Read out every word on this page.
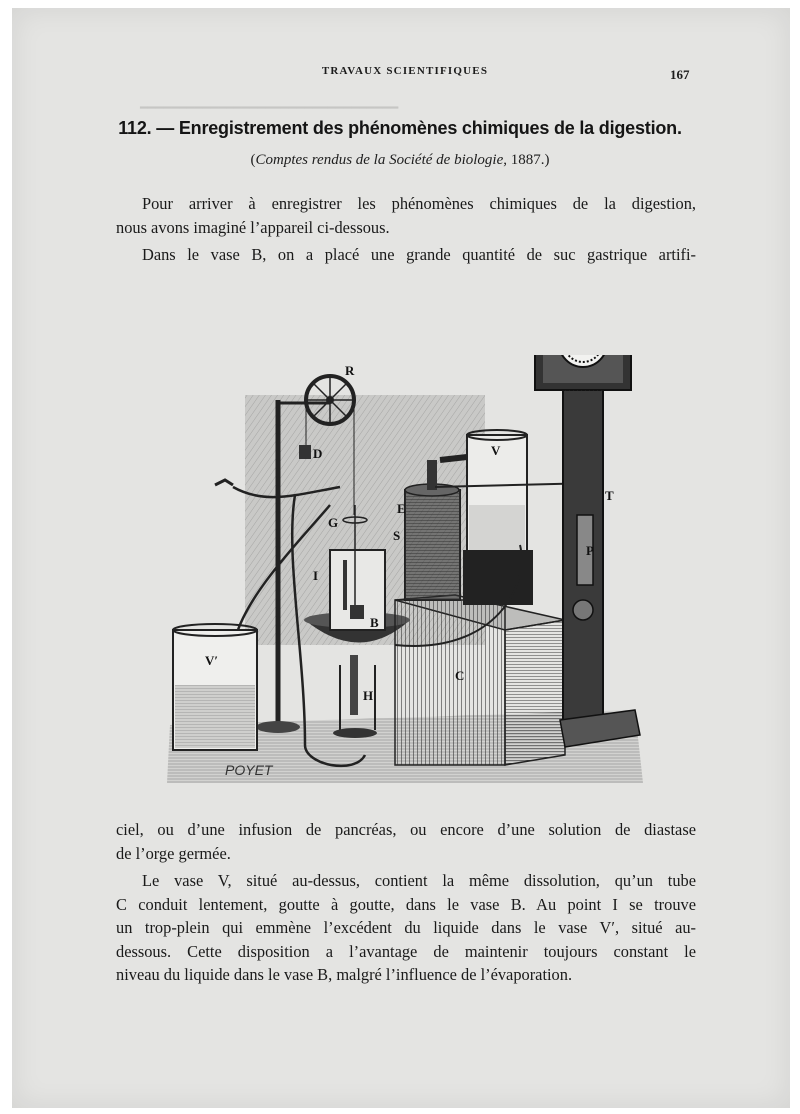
━━━━━━━━━━━━━━━━━━━━━━━━━━━━━━━━━
TRAVAUX SCIENTIFIQUES	167
112. — Enregistrement des phénomènes chimiques de la digestion.
(Comptes rendus de la Société de biologie, 1887.)
Pour arriver à enregistrer les phénomènes chimiques de la digestion,
nous avons imaginé l’appareil ci-dessous.
Dans le vase B, on a placé une grande quantité de suc gastrique artifi-
R
D
G
I
E
S
B
V
V′
H
C
T
P
POYET
ciel, ou d’une infusion de pancréas, ou encore d’une solution de diastase
de l’orge germée.
Le vase V, situé au-dessus, contient la même dissolution, qu’un tube
C conduit lentement, goutte à goutte, dans le vase B. Au point I se trouve
un trop-plein qui emmène l’excédent du liquide dans le vase V′, situé au-
dessous. Cette disposition a l’avantage de maintenir toujours constant le
niveau du liquide dans le vase B, malgré l’influence de l’évaporation.
